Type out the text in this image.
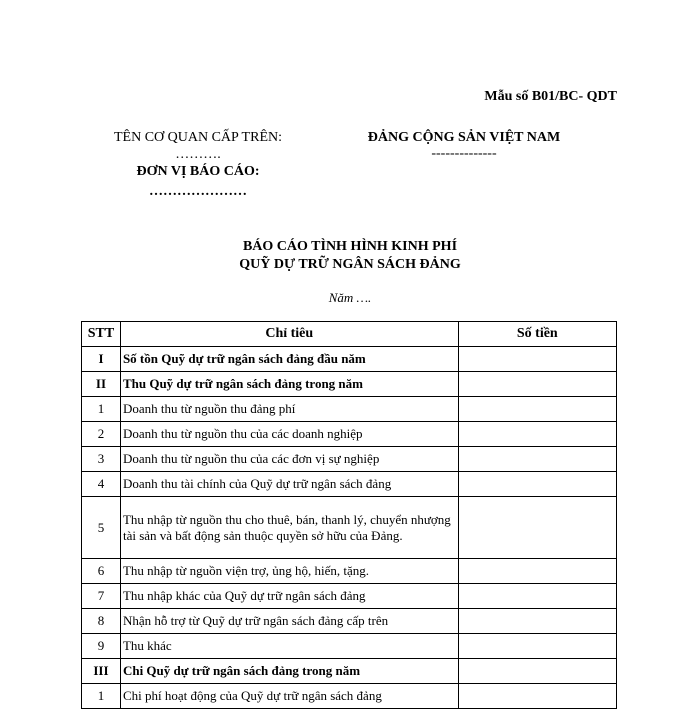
Mẫu số B01/BC- QDT
TÊN CƠ QUAN CẤP TRÊN:
……….
ĐƠN VỊ BÁO CÁO:
…………………
ĐẢNG CỘNG SẢN VIỆT NAM
--------------
BÁO CÁO TÌNH HÌNH KINH PHÍ
QUỸ DỰ TRỮ NGÂN SÁCH ĐẢNG
Năm ….
STT	Chỉ tiêu	Số tiền
I	Số tồn Quỹ dự trữ ngân sách đảng đầu năm	
II	Thu Quỹ dự trữ ngân sách đảng trong năm	
1	Doanh thu từ nguồn thu đảng phí	
2	Doanh thu từ nguồn thu của các doanh nghiệp	
3	Doanh thu từ nguồn thu của các đơn vị sự nghiệp	
4	Doanh thu tài chính của Quỹ dự trữ ngân sách đảng	
5	Thu nhập từ nguồn thu cho thuê, bán, thanh lý, chuyển nhượng tài sản và bất động sản thuộc quyền sở hữu của Đảng.	
6	Thu nhập từ nguồn viện trợ, ủng hộ, hiến, tặng.	
7	Thu nhập khác của Quỹ dự trữ ngân sách đảng	
8	Nhận hỗ trợ từ Quỹ dự trữ ngân sách đảng cấp trên	
9	Thu khác	
III	Chi Quỹ dự trữ ngân sách đảng trong năm	
1	Chi phí hoạt động của Quỹ dự trữ ngân sách đảng	
